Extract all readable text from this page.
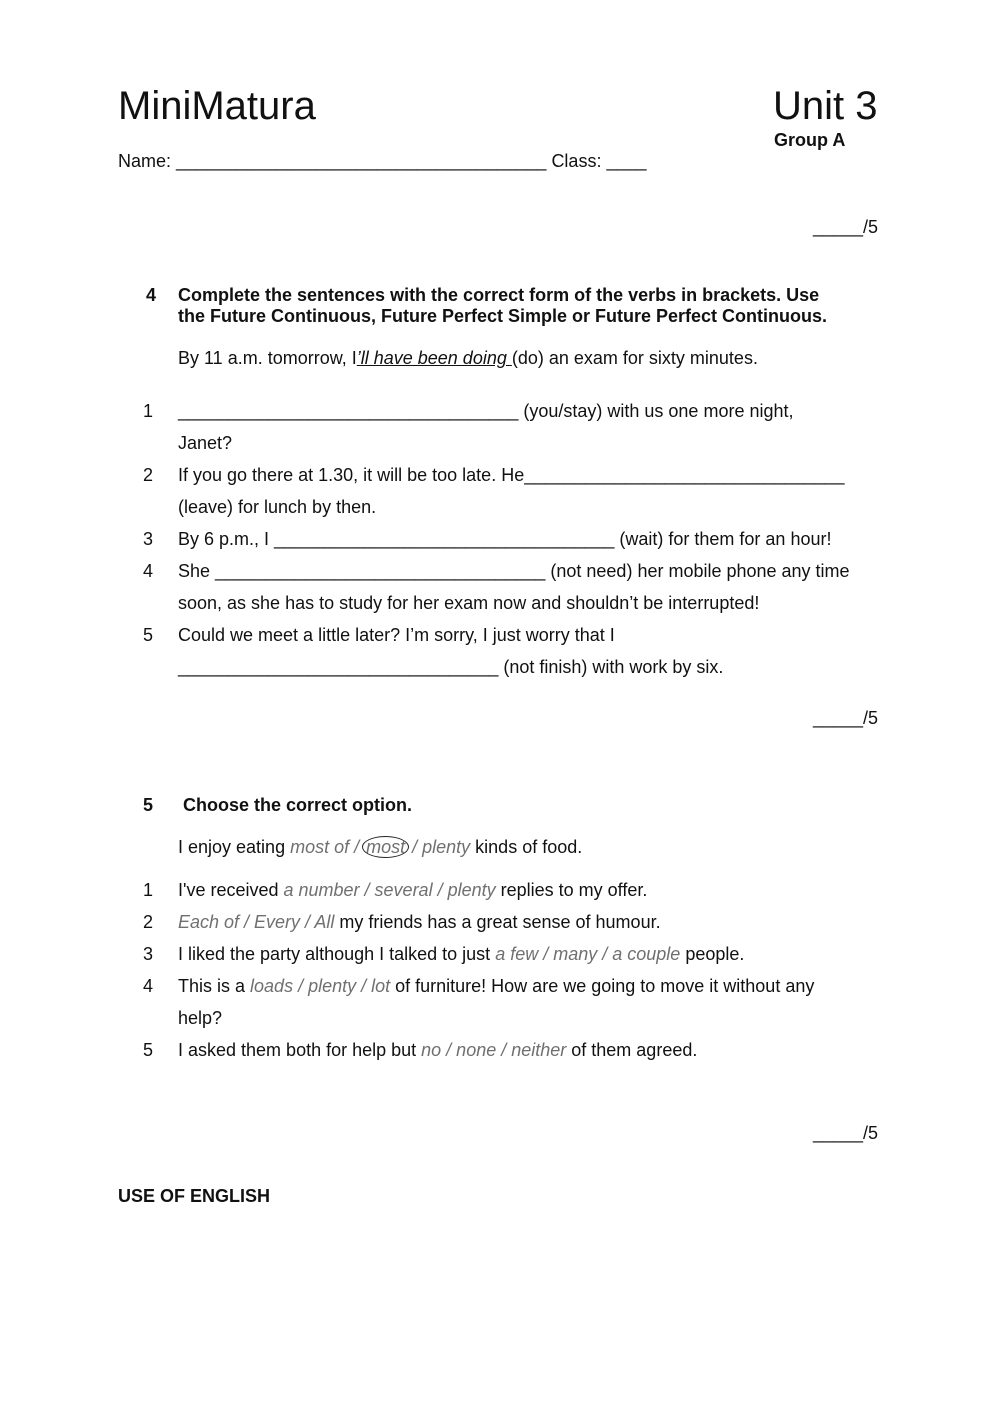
MiniMatura	Unit 3
Group A
Name: _____________________________________ Class: ____
_____/5
4 Complete the sentences with the correct form of the verbs in brackets. Use
the Future Continuous, Future Perfect Simple or Future Perfect Continuous.
By 11 a.m. tomorrow, I’ll have been doing (do) an exam for sixty minutes.
1 __________________________________ (you/stay) with us one more night,
Janet?
2 If you go there at 1.30, it will be too late. He________________________________
(leave) for lunch by then.
3 By 6 p.m., I __________________________________ (wait) for them for an hour!
4 She _________________________________ (not need) her mobile phone any time
soon, as she has to study for her exam now and shouldn’t be interrupted!
5 Could we meet a little later? I’m sorry, I just worry that I
________________________________ (not finish) with work by six.
_____/5
5 Choose the correct option.
I enjoy eating most of / most / plenty kinds of food.
1 I've received a number / several / plenty replies to my offer.
2 Each of / Every / All my friends has a great sense of humour.
3 I liked the party although I talked to just a few / many / a couple people.
4 This is a loads / plenty / lot of furniture! How are we going to move it without any
help?
5 I asked them both for help but no / none / neither of them agreed.
_____/5
USE OF ENGLISH
